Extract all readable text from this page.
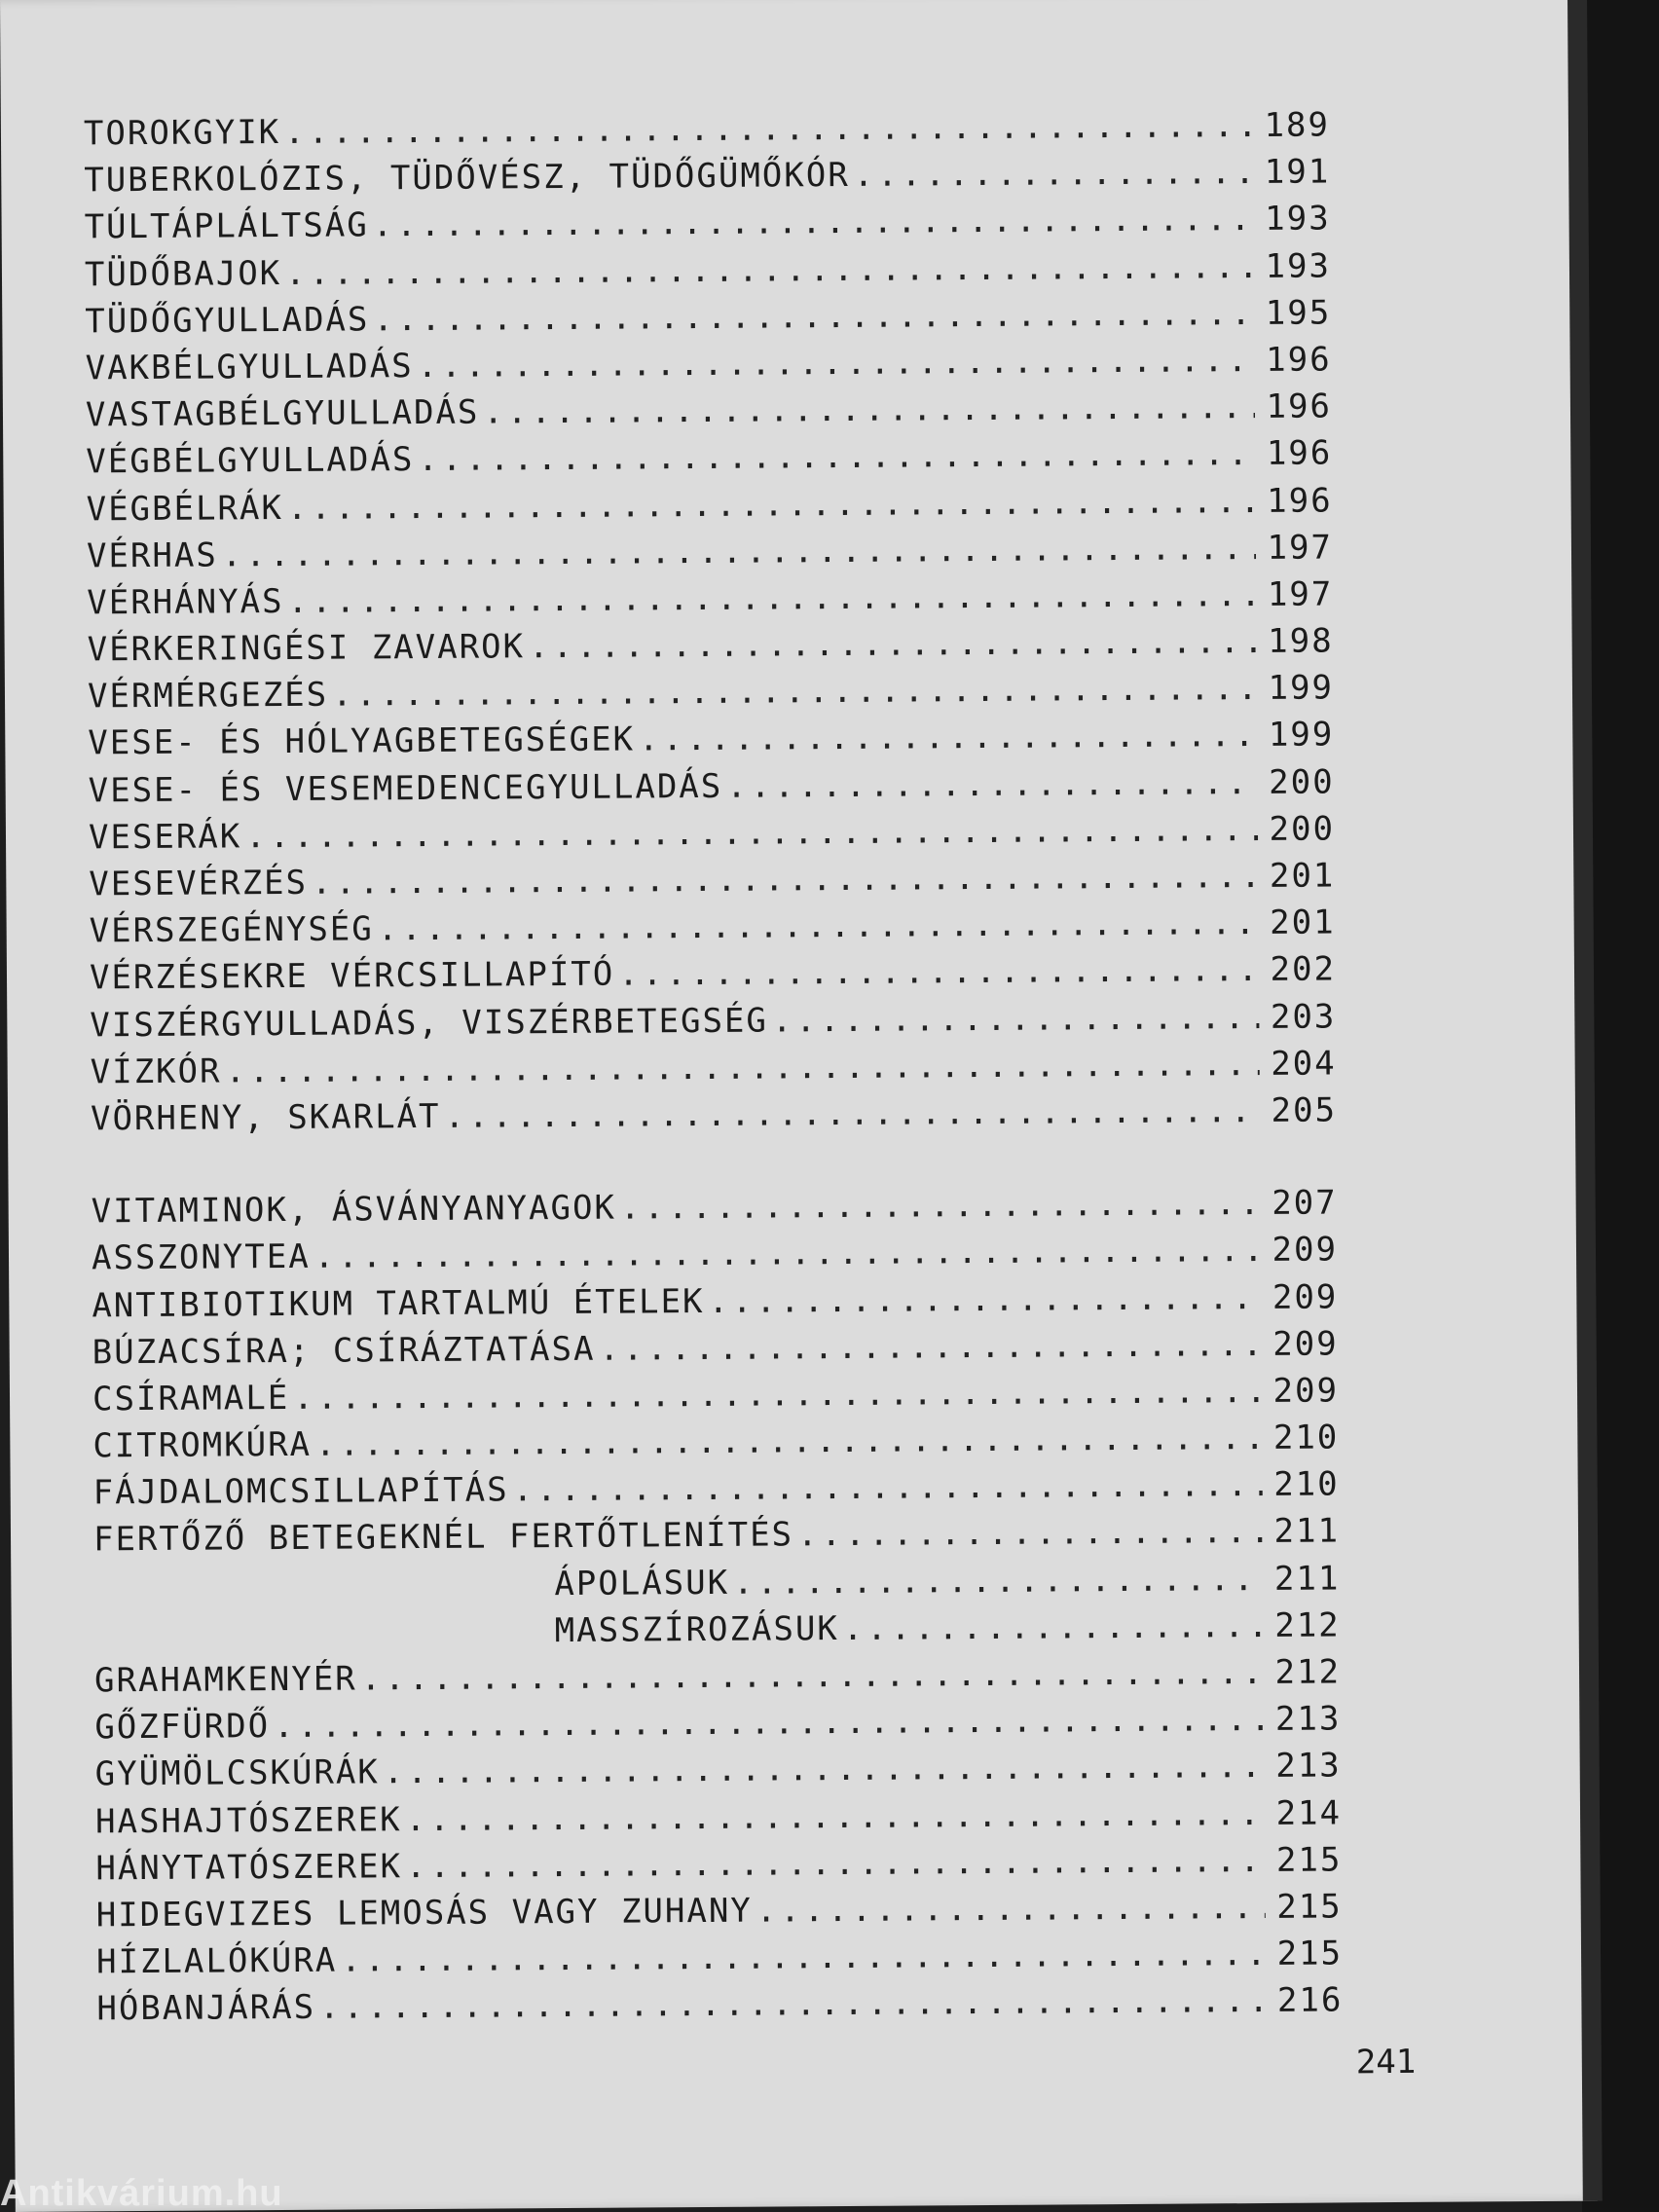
TOROKGYIK .....	189
TUBERKOLÓZIS, TÜDŐVÉSZ, TÜDŐGÜMŐKÓR .....	191
TÚLTÁPLÁLTSÁG .....	193
TÜDŐBAJOK .....	193
TÜDŐGYULLADÁS .....	195
VAKBÉLGYULLADÁS .....	196
VASTAGBÉLGYULLADÁS .....	196
VÉGBÉLGYULLADÁS .....	196
VÉGBÉLRÁK .....	196
VÉRHAS .....	197
VÉRHÁNYÁS .....	197
VÉRKERINGÉSI ZAVAROK .....	198
VÉRMÉRGEZÉS .....	199
VESE- ÉS HÓLYAGBETEGSÉGEK .....	199
VESE- ÉS VESEMEDENCEGYULLADÁS .....	200
VESERÁK .....	200
VESEVÉRZÉS .....	201
VÉRSZEGÉNYSÉG .....	201
VÉRZÉSEKRE VÉRCSILLAPÍTÓ .....	202
VISZÉRGYULLADÁS, VISZÉRBETEGSÉG .....	203
VÍZKÓR .....	204
VÖRHENY, SKARLÁT .....	205
VITAMINOK, ÁSVÁNYANYAGOK .....	207
ASSZONYTEA .....	209
ANTIBIOTIKUM TARTALMÚ ÉTELEK .....	209
BÚZACSÍRA; CSÍRÁZTATÁSA .....	209
CSÍRAMALÉ .....	209
CITROMKÚRA .....	210
FÁJDALOMCSILLAPÍTÁS .....	210
FERTŐZŐ BETEGEKNÉL FERTŐTLENÍTÉS .....	211
ÁPOLÁSUK .....	211
MASSZÍROZÁSUK .....	212
GRAHAMKENYÉR .....	212
GŐZFÜRDŐ .....	213
GYÜMÖLCSKÚRÁK .....	213
HASHAJTÓSZEREK .....	214
HÁNYTATÓSZEREK .....	215
HIDEGVIZES LEMOSÁS VAGY ZUHANY .....	215
HÍZLALÓKÚRA .....	215
HÓBANJÁRÁS .....	216
241
Antikvárium.hu
